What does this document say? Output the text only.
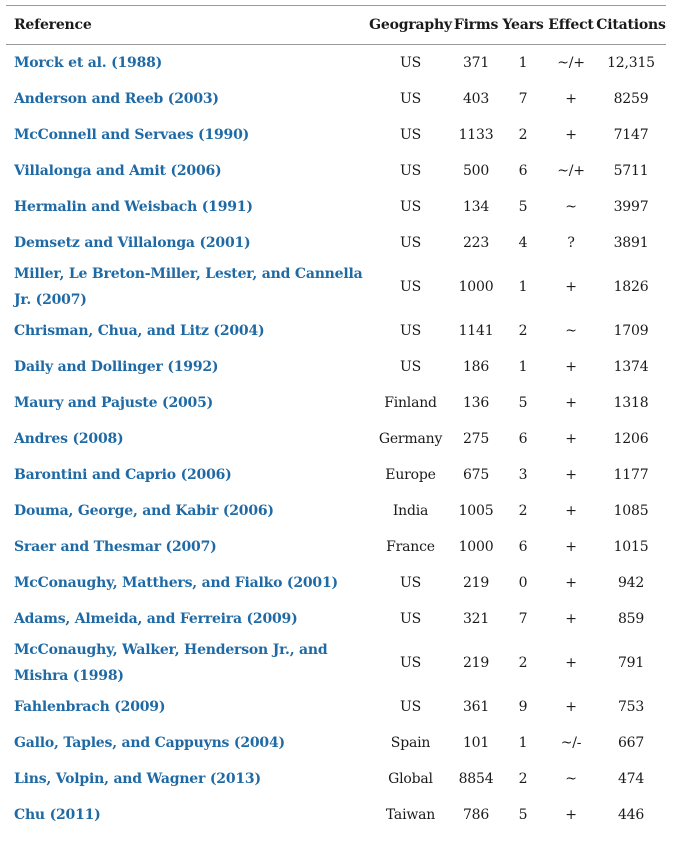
Reference	Geography	Firms	Years	Effect	Citations
Morck et al. (1988)	US	371	1	~/+	12,315
Anderson and Reeb (2003)	US	403	7	+	8259
McConnell and Servaes (1990)	US	1133	2	+	7147
Villalonga and Amit (2006)	US	500	6	~/+	5711
Hermalin and Weisbach (1991)	US	134	5	~	3997
Demsetz and Villalonga (2001)	US	223	4	?	3891
Miller, Le Breton-Miller, Lester, and Cannella Jr. (2007)	US	1000	1	+	1826
Chrisman, Chua, and Litz (2004)	US	1141	2	~	1709
Daily and Dollinger (1992)	US	186	1	+	1374
Maury and Pajuste (2005)	Finland	136	5	+	1318
Andres (2008)	Germany	275	6	+	1206
Barontini and Caprio (2006)	Europe	675	3	+	1177
Douma, George, and Kabir (2006)	India	1005	2	+	1085
Sraer and Thesmar (2007)	France	1000	6	+	1015
McConaughy, Matthers, and Fialko (2001)	US	219	0	+	942
Adams, Almeida, and Ferreira (2009)	US	321	7	+	859
McConaughy, Walker, Henderson Jr., and Mishra (1998)	US	219	2	+	791
Fahlenbrach (2009)	US	361	9	+	753
Gallo, Taples, and Cappuyns (2004)	Spain	101	1	~/-	667
Lins, Volpin, and Wagner (2013)	Global	8854	2	~	474
Chu (2011)	Taiwan	786	5	+	446
